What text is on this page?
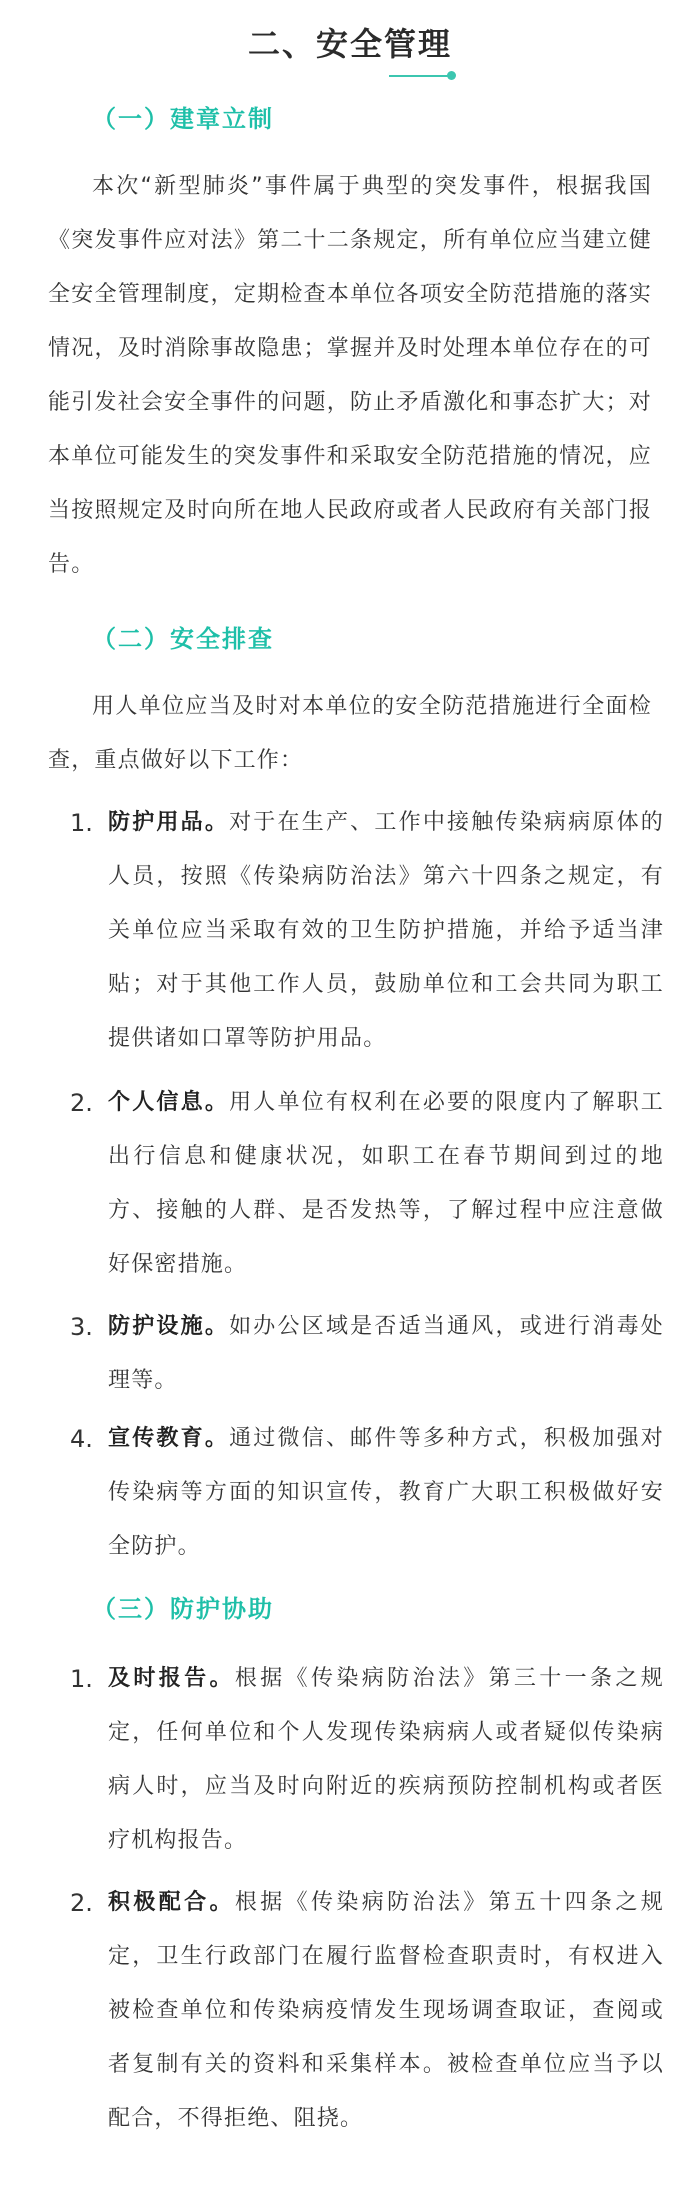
二、安全管理
（一）建章立制
本次“新型肺炎”事件属于典型的突发事件，根据我国《突发事件应对法》第二十二条规定，所有单位应当建立健全安全管理制度，定期检查本单位各项安全防范措施的落实情况，及时消除事故隐患；掌握并及时处理本单位存在的可能引发社会安全事件的问题，防止矛盾激化和事态扩大；对本单位可能发生的突发事件和采取安全防范措施的情况，应当按照规定及时向所在地人民政府或者人民政府有关部门报告。
（二）安全排查
用人单位应当及时对本单位的安全防范措施进行全面检查，重点做好以下工作：
1. 防护用品。对于在生产、工作中接触传染病病原体的人员，按照《传染病防治法》第六十四条之规定，有关单位应当采取有效的卫生防护措施，并给予适当津贴；对于其他工作人员，鼓励单位和工会共同为职工提供诸如口罩等防护用品。
2. 个人信息。用人单位有权利在必要的限度内了解职工出行信息和健康状况，如职工在春节期间到过的地方、接触的人群、是否发热等，了解过程中应注意做好保密措施。
3. 防护设施。如办公区域是否适当通风，或进行消毒处理等。
4. 宣传教育。通过微信、邮件等多种方式，积极加强对传染病等方面的知识宣传，教育广大职工积极做好安全防护。
（三）防护协助
1. 及时报告。根据《传染病防治法》第三十一条之规定，任何单位和个人发现传染病病人或者疑似传染病病人时，应当及时向附近的疾病预防控制机构或者医疗机构报告。
2. 积极配合。根据《传染病防治法》第五十四条之规定，卫生行政部门在履行监督检查职责时，有权进入被检查单位和传染病疫情发生现场调查取证，查阅或者复制有关的资料和采集样本。被检查单位应当予以配合，不得拒绝、阻挠。
